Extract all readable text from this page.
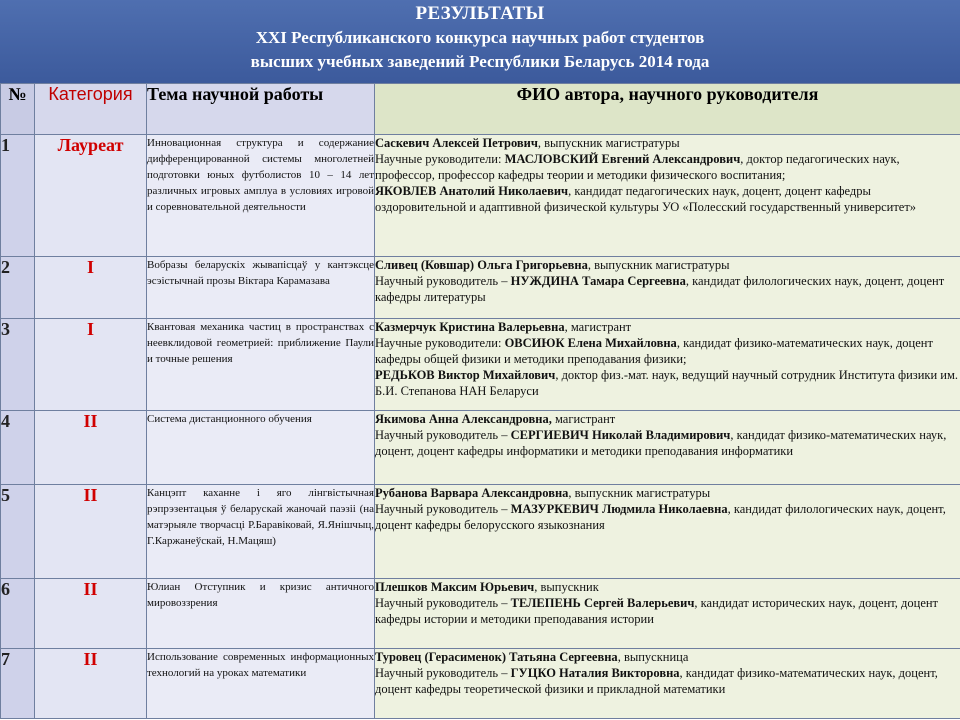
РЕЗУЛЬТАТЫ
XXI Республиканского конкурса научных работ студентов
высших учебных заведений Республики Беларусь 2014 года
№	Категория	Тема научной работы	ФИО автора, научного руководителя
1	Лауреат	Инновационная структура и содержание дифференцированной системы многолетней подготовки юных футболистов 10 – 14 лет различных игровых амплуа в условиях игровой и соревновательной деятельности	Саскевич Алексей Петрович, выпускник магистратуры
Научные руководители: МАСЛОВСКИЙ Евгений Александрович, доктор педагогических наук, профессор, профессор кафедры теории и методики физического воспитания;
ЯКОВЛЕВ Анатолий Николаевич, кандидат педагогических наук, доцент, доцент кафедры оздоровительной и адаптивной физической культуры УО «Полесский государственный университет»
2	I	Вобразы беларускіх жывапісцаў у кантэксце эсэістычнай прозы Віктара Карамазава	Сливец (Ковшар) Ольга Григорьевна, выпускник магистратуры
Научный руководитель – НУЖДИНА Тамара Сергеевна, кандидат филологических наук, доцент, доцент кафедры литературы
3	I	Квантовая механика частиц в пространствах с неевклидовой геометрией: приближение Паули и точные решения	Казмерчук Кристина Валерьевна, магистрант
Научные руководители: ОВСИЮК Елена Михайловна, кандидат физико-математических наук, доцент кафедры общей физики и методики преподавания физики;
РЕДЬКОВ Виктор Михайлович, доктор физ.-мат. наук, ведущий научный сотрудник Института физики им. Б.И. Степанова НАН Беларуси
4	II	Система дистанционного обучения	Якимова Анна Александровна, магистрант
Научный руководитель – СЕРГИЕВИЧ Николай Владимирович, кандидат физико-математических наук, доцент, доцент кафедры информатики и методики преподавания информатики
5	II	Канцэпт каханне і яго лінгвістычная рэпрэзентацыя ў беларускай жаночай паэзіі (на матэрыяле творчасці Р.Баравіковай, Я.Янішчыц, Г.Каржанеўскай, Н.Мацяш)	Рубанова Варвара Александровна, выпускник магистратуры
Научный руководитель – МАЗУРКЕВИЧ Людмила Николаевна, кандидат филологических наук, доцент, доцент кафедры белорусского языкознания
6	II	Юлиан Отступник и кризис античного мировоззрения	Плешков Максим Юрьевич, выпускник
Научный руководитель – ТЕЛЕПЕНЬ Сергей Валерьевич, кандидат исторических наук, доцент, доцент кафедры истории и методики преподавания истории
7	II	Использование современных информационных технологий на уроках математики	Туровец (Герасименок) Татьяна Сергеевна, выпускница
Научный руководитель – ГУЦКО Наталия Викторовна, кандидат физико-математических наук, доцент, доцент кафедры теоретической физики и прикладной математики
